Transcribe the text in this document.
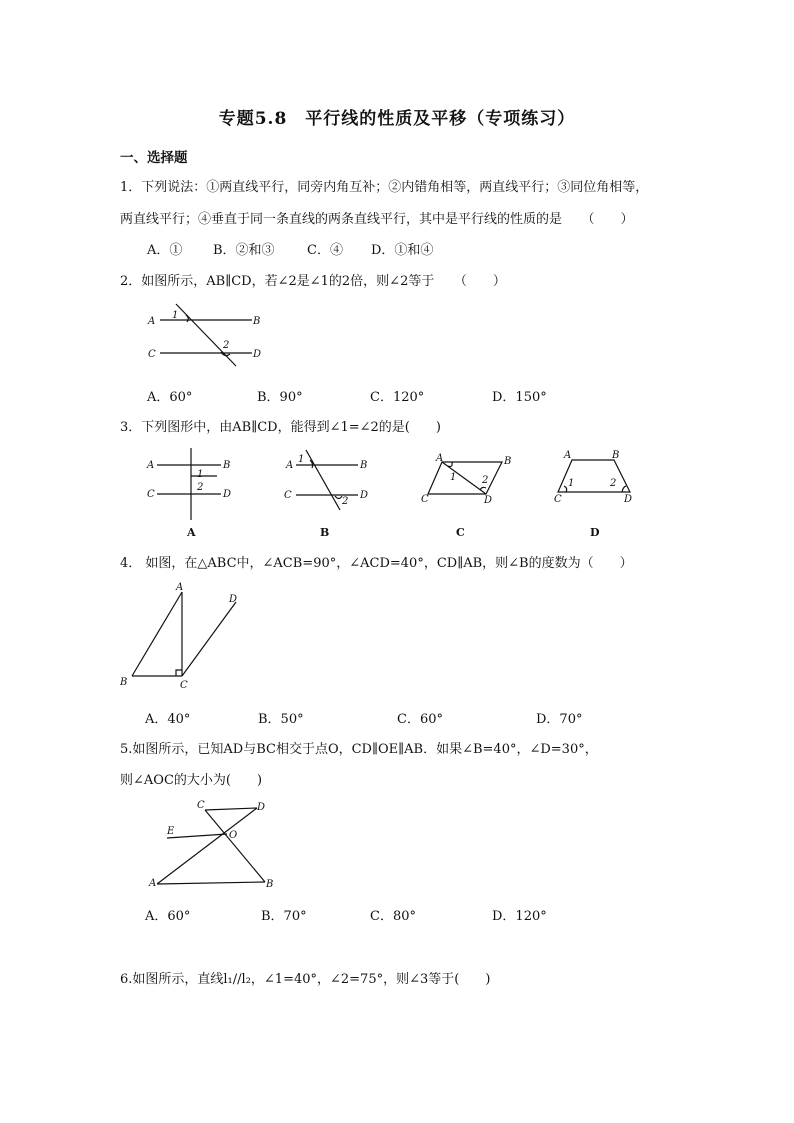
专题5.8　平行线的性质及平移（专项练习）
一、选择题
1．下列说法：①两直线平行，同旁内角互补；②内错角相等，两直线平行；③同位角相等，
两直线平行；④垂直于同一条直线的两条直线平行，其中是平行线的性质的是　　（　　）
A．① B．②和③ C．④ D．①和④
2．如图所示，AB∥CD，若∠2是∠1的2倍，则∠2等于　　（　　）
A	B
C	D
1
2
A．60°	B．90°	C．120°	D．150°
3．下列图形中，由AB∥CD，能得到∠1=∠2的是(　　)
A	B
C	D
1
2
A
A	B
C	D
1
2
B
A	B
C	D
1	2
C
A	B
C	D
1	2
D
4． 如图，在△ABC中，∠ACB=90°，∠ACD=40°，CD∥AB，则∠B的度数为（　　）
A
B	C
D
A．40°	B．50°	C．60°	D．70°
5.如图所示，已知AD与BC相交于点O，CD∥OE∥AB．如果∠B=40°，∠D=30°，
则∠AOC的大小为(　　)
C	D
E	O
A	B
A．60°	B．70°	C．80°	D．120°
6.如图所示，直线l₁//l₂，∠1=40°，∠2=75°，则∠3等于(　　)
